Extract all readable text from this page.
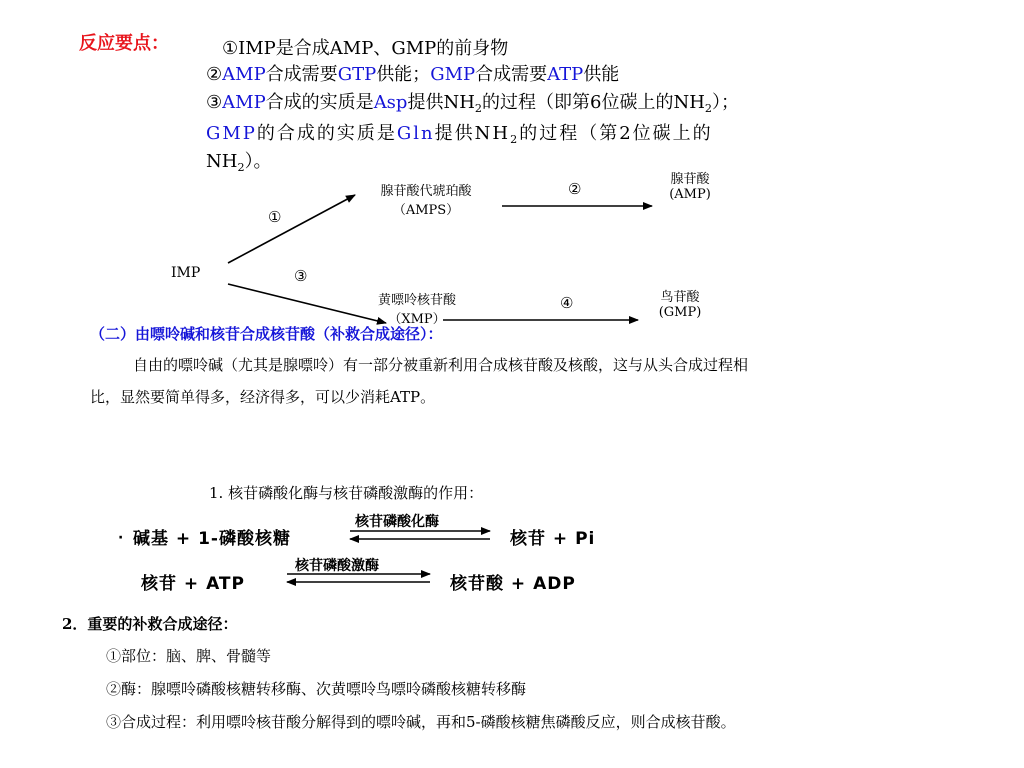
反应要点：	①IMP是合成AMP、GMP的前身物
②AMP合成需要GTP供能；GMP合成需要ATP供能
③AMP合成的实质是Asp提供$NH_2$的过程（即第6位碳上的$NH_2$）；
GMP的合成的实质是Gln提供$NH_2$的过程（第2位碳上的
$NH_2$）。
IMP
①
②
③
④
腺苷酸代琥珀酸
（AMPS）
腺苷酸
(AMP)
黄嘌呤核苷酸
（XMP）
鸟苷酸
(GMP)
（二）由嘌呤碱和核苷合成核苷酸（补救合成途径）：
自由的嘌呤碱（尤其是腺嘌呤）有一部分被重新利用合成核苷酸及核酸，这与从头合成过程相
比，显然要简单得多，经济得多，可以少消耗ATP。
1. 核苷磷酸化酶与核苷磷酸激酶的作用：
· 碱基 + 1-磷酸核糖
核苷磷酸化酶
核苷 + Pi
核苷 + ATP
核苷磷酸激酶
核苷酸 + ADP
2．重要的补救合成途径：
①部位：脑、脾、骨髓等
②酶：腺嘌呤磷酸核糖转移酶、次黄嘌呤鸟嘌呤磷酸核糖转移酶
③合成过程：利用嘌呤核苷酸分解得到的嘌呤碱，再和5-磷酸核糖焦磷酸反应，则合成核苷酸。
